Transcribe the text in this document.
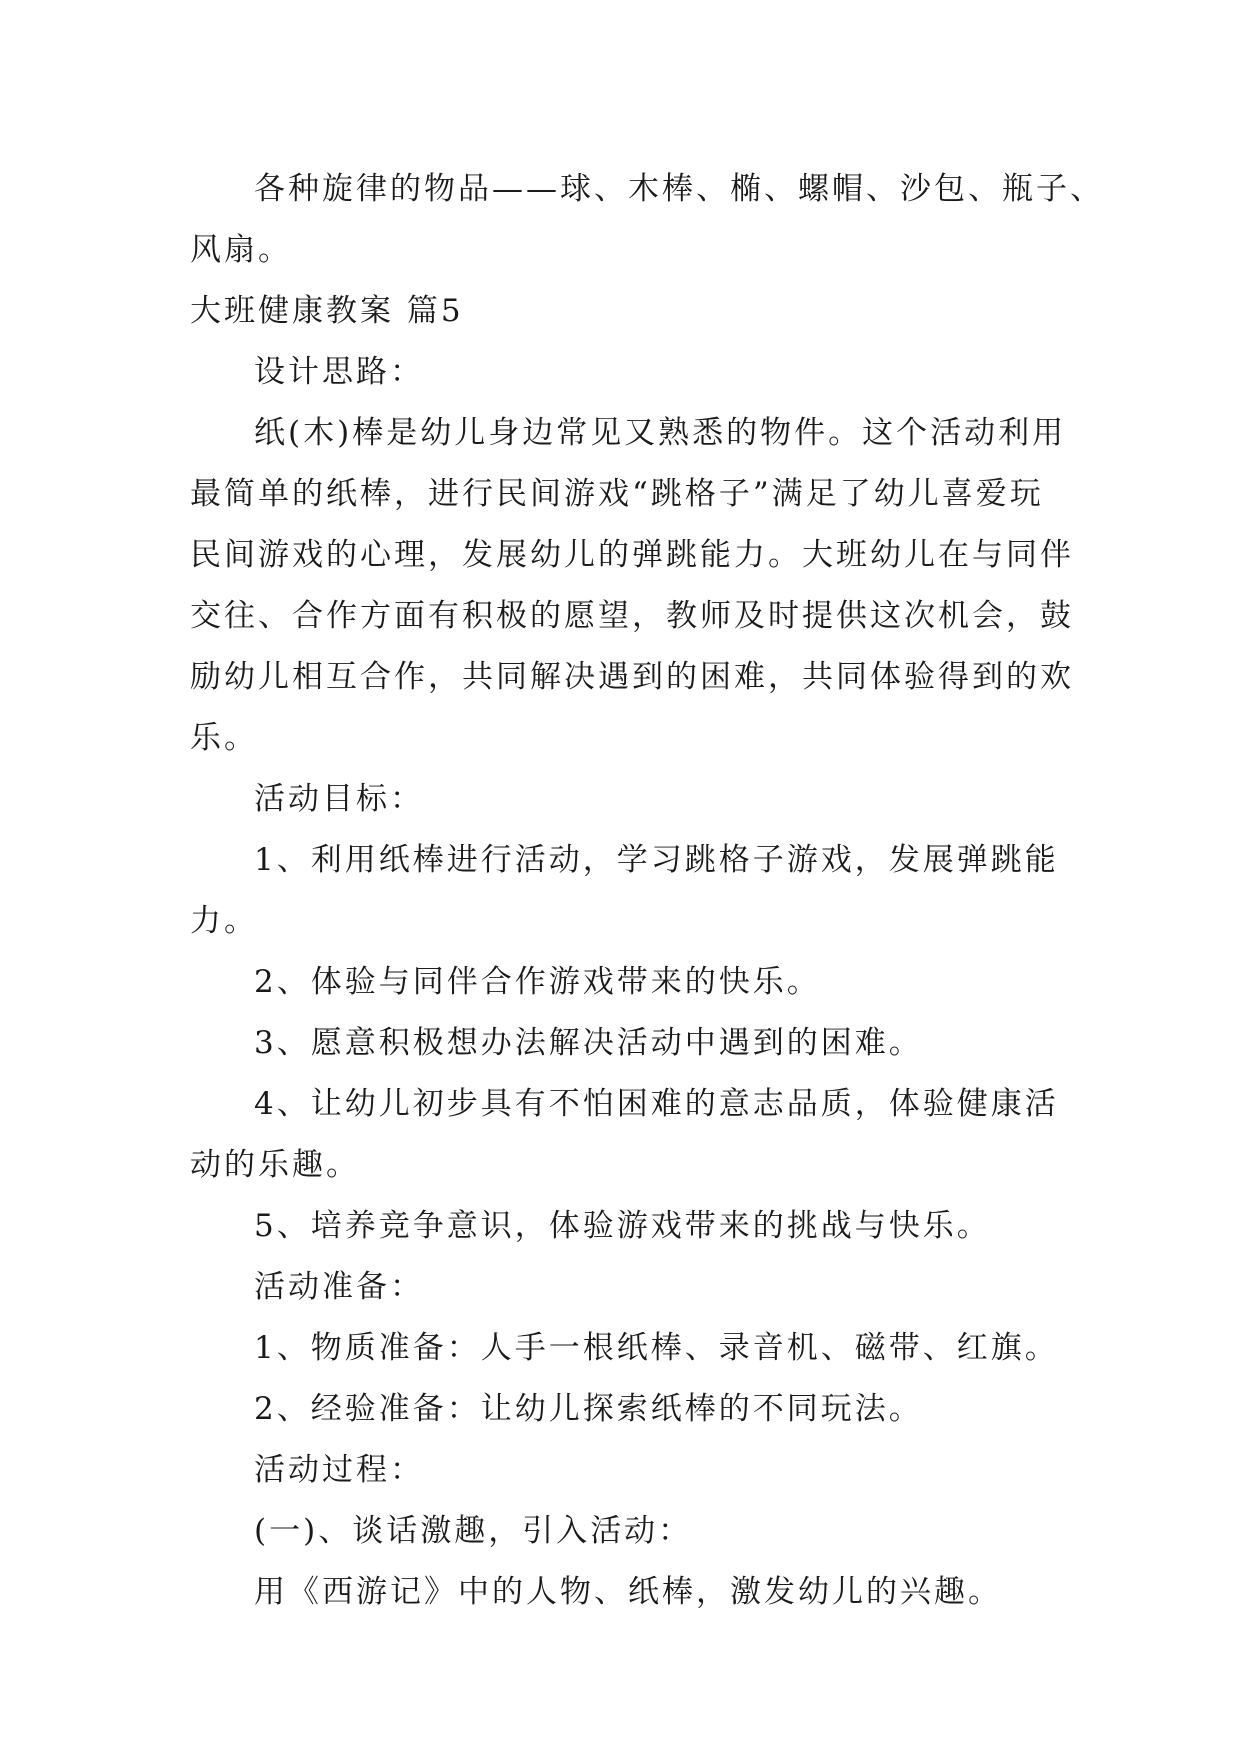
各种旋律的物品——球、木棒、椭、螺帽、沙包、瓶子、

风扇。

大班健康教案 篇5

设计思路：

纸(木)棒是幼儿身边常见又熟悉的物件。这个活动利用

最简单的纸棒，进行民间游戏“跳格子”满足了幼儿喜爱玩

民间游戏的心理，发展幼儿的弹跳能力。大班幼儿在与同伴

交往、合作方面有积极的愿望，教师及时提供这次机会，鼓

励幼儿相互合作，共同解决遇到的困难，共同体验得到的欢

乐。

活动目标：

1、利用纸棒进行活动，学习跳格子游戏，发展弹跳能

力。

2、体验与同伴合作游戏带来的快乐。

3、愿意积极想办法解决活动中遇到的困难。

4、让幼儿初步具有不怕困难的意志品质，体验健康活

动的乐趣。

5、培养竞争意识，体验游戏带来的挑战与快乐。

活动准备：

1、物质准备：人手一根纸棒、录音机、磁带、红旗。

2、经验准备：让幼儿探索纸棒的不同玩法。

活动过程：

(一)、谈话激趣，引入活动：

用《西游记》中的人物、纸棒，激发幼儿的兴趣。
